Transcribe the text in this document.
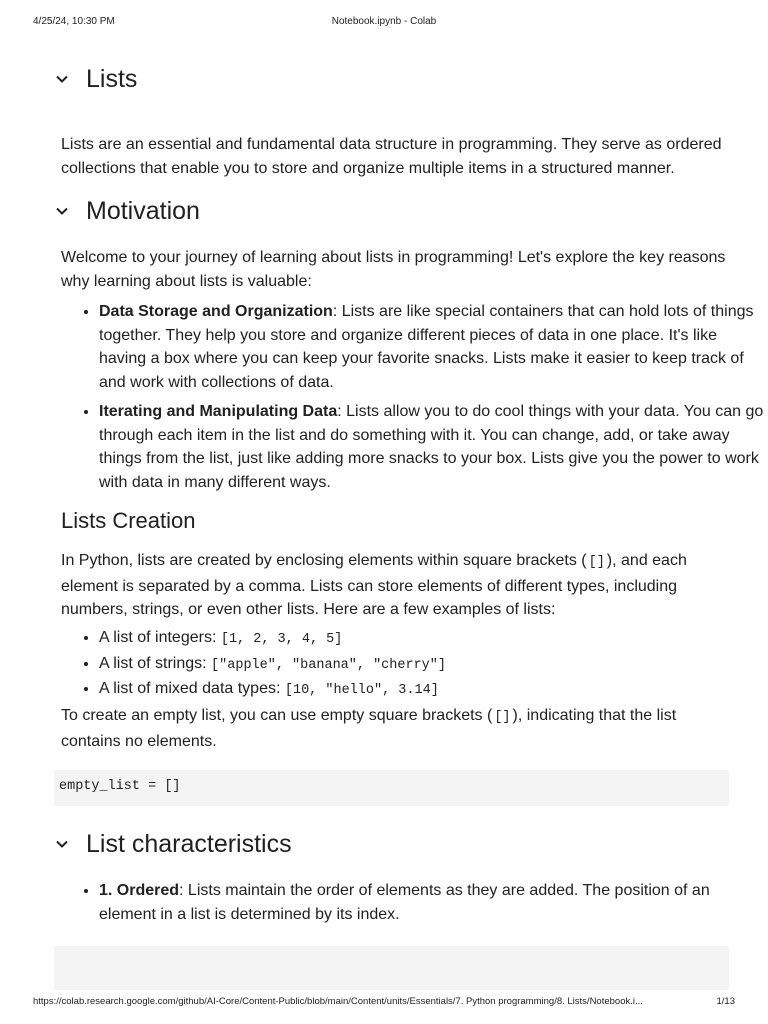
4/25/24, 10:30 PM	Notebook.ipynb - Colab
Lists
Lists are an essential and fundamental data structure in programming. They serve as ordered collections that enable you to store and organize multiple items in a structured manner.
Motivation
Welcome to your journey of learning about lists in programming! Let's explore the key reasons why learning about lists is valuable:
• Data Storage and Organization: Lists are like special containers that can hold lots of things together. They help you store and organize different pieces of data in one place. It's like having a box where you can keep your favorite snacks. Lists make it easier to keep track of and work with collections of data.
• Iterating and Manipulating Data: Lists allow you to do cool things with your data. You can go through each item in the list and do something with it. You can change, add, or take away things from the list, just like adding more snacks to your box. Lists give you the power to work with data in many different ways.
Lists Creation
In Python, lists are created by enclosing elements within square brackets ( [] ), and each element is separated by a comma. Lists can store elements of different types, including numbers, strings, or even other lists. Here are a few examples of lists:
• A list of integers: [1, 2, 3, 4, 5]
• A list of strings: ["apple", "banana", "cherry"]
• A list of mixed data types: [10, "hello", 3.14]
To create an empty list, you can use empty square brackets ( [] ), indicating that the list contains no elements.
empty_list = []
List characteristics
• 1. Ordered: Lists maintain the order of elements as they are added. The position of an element in a list is determined by its index.
https://colab.research.google.com/github/AI-Core/Content-Public/blob/main/Content/units/Essentials/7. Python programming/8. Lists/Notebook.i...	1/13
